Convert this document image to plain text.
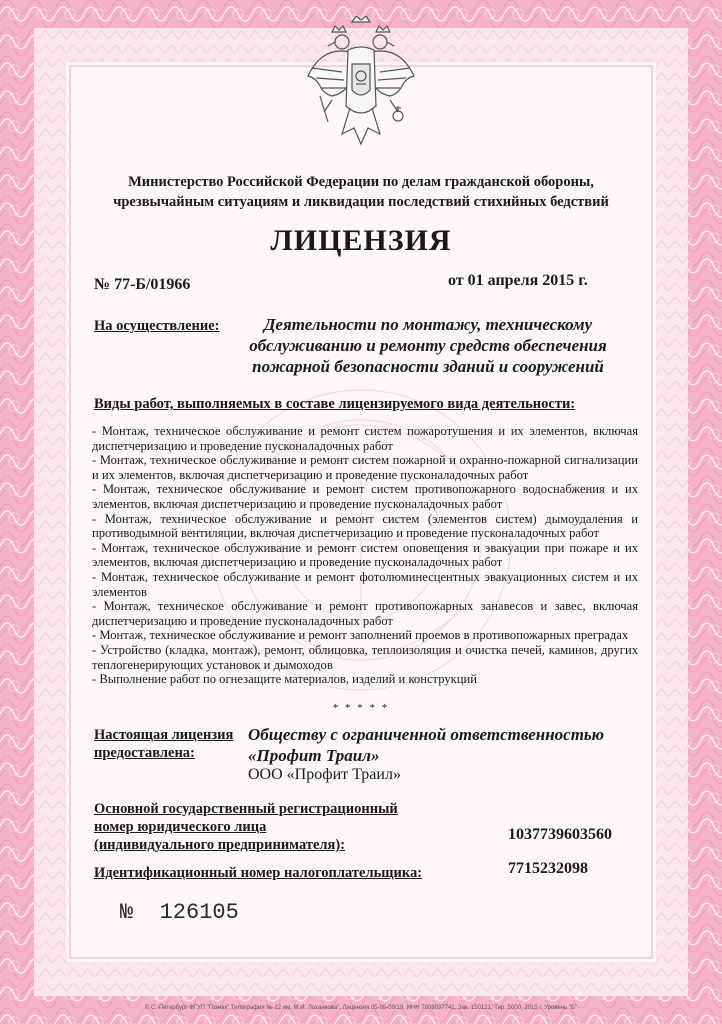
Министерство Российской Федерации по делам гражданской обороны,
чрезвычайным ситуациям и ликвидации последствий стихийных бедствий
ЛИЦЕНЗИЯ
№ 77-Б/01966	от 01 апреля 2015 г.
На осуществление:	Деятельности по монтажу, техническому
обслуживанию и ремонту средств обеспечения
пожарной безопасности зданий и сооружений
Виды работ, выполняемых в составе лицензируемого вида деятельности:

- Монтаж, техническое обслуживание и ремонт систем пожаротушения и их элементов, включая диспетчеризацию и проведение пусконаладочных работ

- Монтаж, техническое обслуживание и ремонт систем пожарной и охранно-пожарной сигнализации и их элементов, включая диспетчеризацию и проведение пусконаладочных работ

- Монтаж, техническое обслуживание и ремонт систем противопожарного водоснабжения и их элементов, включая диспетчеризацию и проведение пусконаладочных работ

- Монтаж, техническое обслуживание и ремонт систем (элементов систем) дымоудаления и противодымной вентиляции, включая диспетчеризацию и проведение пусконаладочных работ

- Монтаж, техническое обслуживание и ремонт систем оповещения и эвакуации при пожаре и их элементов, включая диспетчеризацию и проведение пусконаладочных работ

- Монтаж, техническое обслуживание и ремонт фотолюминесцентных эвакуационных систем и их элементов

- Монтаж, техническое обслуживание и ремонт противопожарных занавесов и завес, включая диспетчеризацию и проведение пусконаладочных работ

- Монтаж, техническое обслуживание и ремонт заполнений проемов в противопожарных преградах

- Устройство (кладка, монтаж), ремонт, облицовка, теплоизоляция и очистка печей, каминов, других теплогенерирующих установок и дымоходов

- Выполнение работ по огнезащите материалов, изделий и конструкций

* * * * *
Настоящая лицензия
предоставлена:
Обществу с ограниченной ответственностью
«Профит Траил»
ООО «Профит Траил»
Основной государственный регистрационный
номер юридического лица
(индивидуального предпринимателя):
1037739603560
Идентификационный номер налогоплательщика:	7715232098
№ 126105
© С.-Петербург ФГУП "Гознак" Типография № 12 им. М.И. Лоханкова", Лицензия 05-05-09/19, ИНН 7808037741, Зак. 150121, Тир. 5000, 2015 г. Уровень "Б"
